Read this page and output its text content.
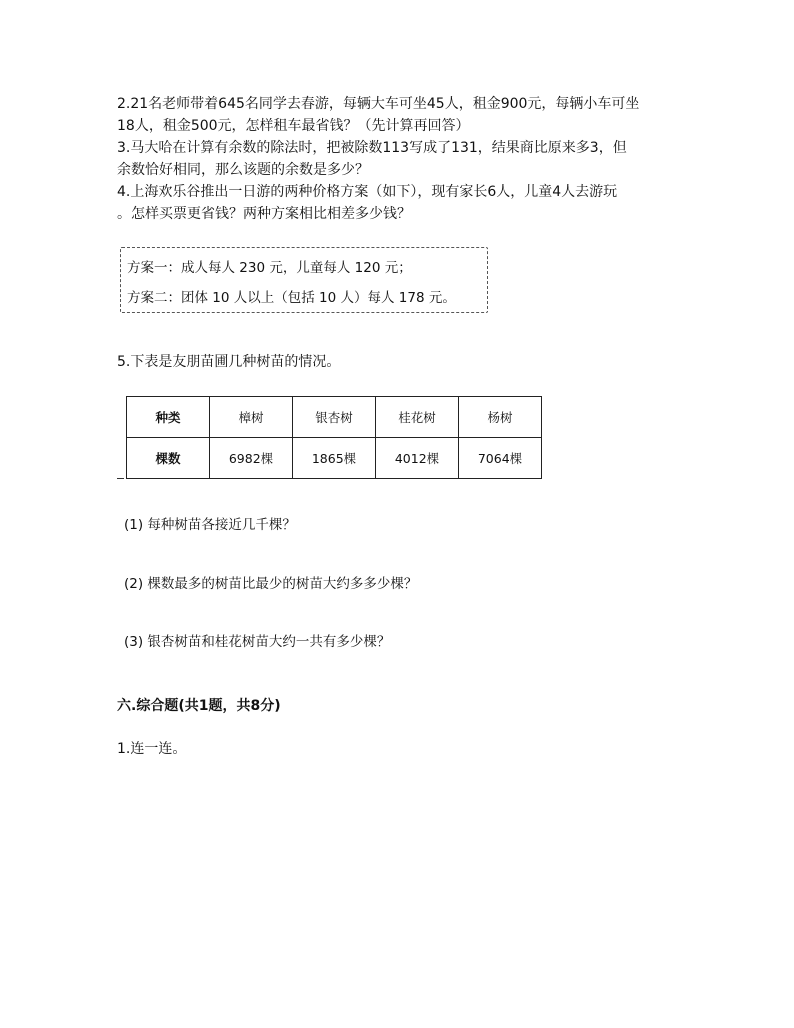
2.21名老师带着645名同学去春游，每辆大车可坐45人，租金900元，每辆小车可坐
18人，租金500元，怎样租车最省钱？（先计算再回答）
3.马大哈在计算有余数的除法时，把被除数113写成了131，结果商比原来多3，但
余数恰好相同，那么该题的余数是多少？
4.上海欢乐谷推出一日游的两种价格方案（如下），现有家长6人，儿童4人去游玩
。怎样买票更省钱？两种方案相比相差多少钱？
方案一：成人每人 230 元，儿童每人 120 元；
方案二：团体 10 人以上（包括 10 人）每人 178 元。
5.下表是友朋苗圃几种树苗的情况。
种类	樟树	银杏树	桂花树	杨树
棵数	6982棵	1865棵	4012棵	7064棵
(1) 每种树苗各接近几千棵？
(2) 棵数最多的树苗比最少的树苗大约多多少棵？
(3) 银杏树苗和桂花树苗大约一共有多少棵？
六.综合题(共1题，共8分)
1.连一连。
